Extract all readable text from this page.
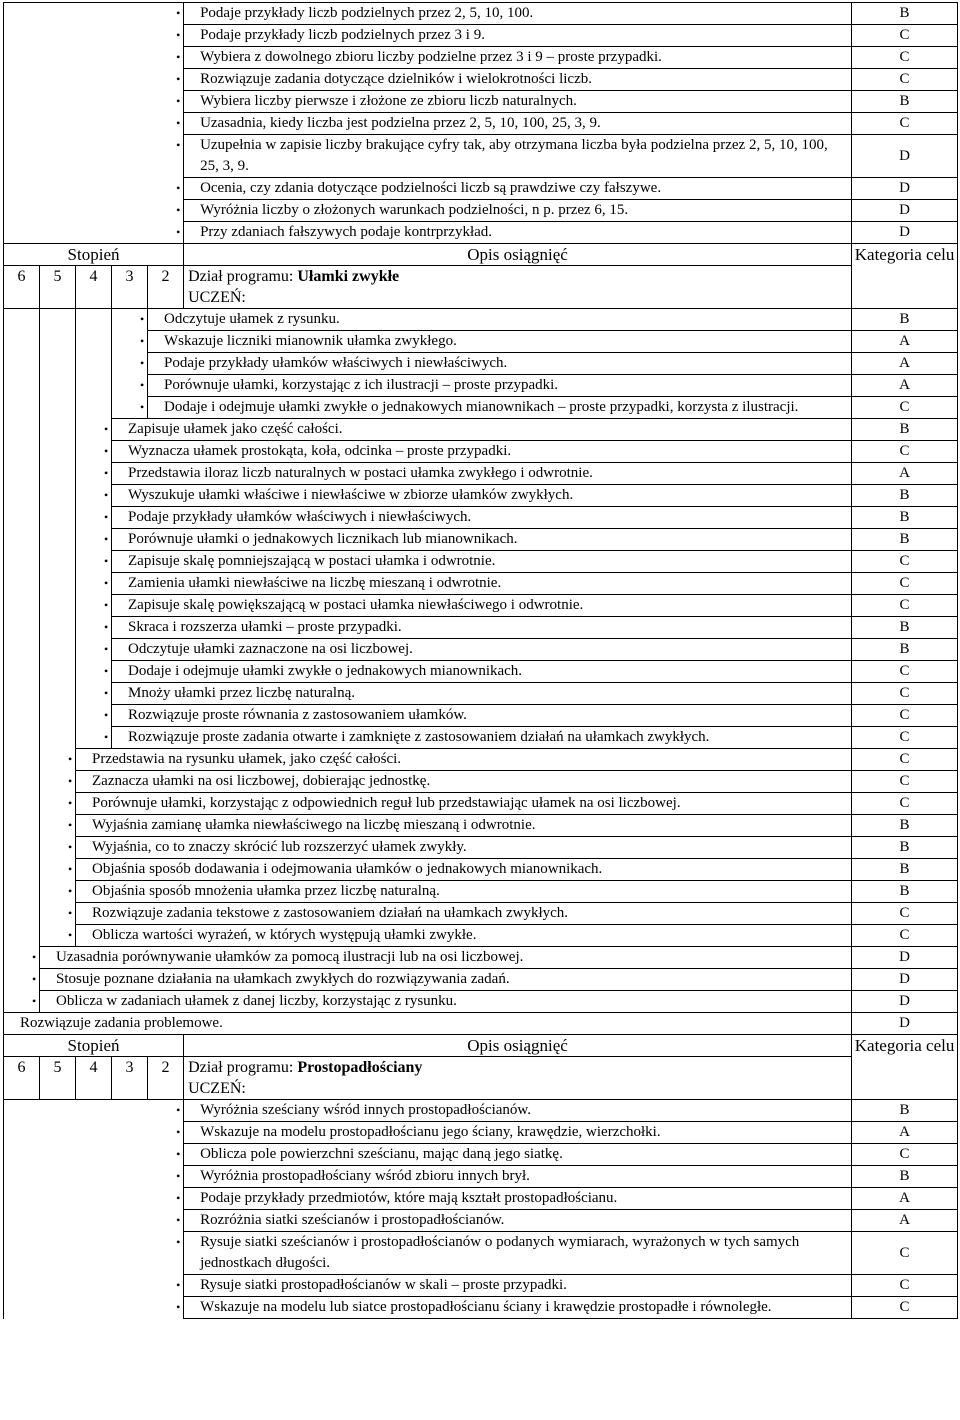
					• Podaje przykłady liczb podzielnych przez 2, 5, 10, 100.	B

					• Podaje przykłady liczb podzielnych przez 3 i 9.	C

					• Wybiera z dowolnego zbioru liczby podzielne przez 3 i 9 – proste przypadki.	C

					• Rozwiązuje zadania dotyczące dzielników i wielokrotności liczb.	C

					• Wybiera liczby pierwsze i złożone ze zbioru liczb naturalnych.	B

					• Uzasadnia, kiedy liczba jest podzielna przez 2, 5, 10, 100, 25, 3, 9.	C

					• Uzupełnia w zapisie liczby brakujące cyfry tak, aby otrzymana liczba była podzielna przez 2, 5, 10, 100, 25, 3, 9.	D

					• Ocenia, czy zdania dotyczące podzielności liczb są prawdziwe czy fałszywe.	D

					• Wyróżnia liczby o złożonych warunkach podzielności, n p. przez 6, 15.	D

					• Przy zdaniach fałszywych podaje kontrprzykład.	D
Stopień					Opis osiągnięć	Kategoria celu
6	5	4	3	2	Dział programu: Ułamki zwykłe
UCZEŃ:	

				• Odczytuje ułamek z rysunku.		B

				• Wskazuje liczniki mianownik ułamka zwykłego.		A

				• Podaje przykłady ułamków właściwych i niewłaściwych.		A

				• Porównuje ułamki, korzystając z ich ilustracji – proste przypadki.		A

				• Dodaje i odejmuje ułamki zwykłe o jednakowych mianownikach – proste przypadki, korzysta z ilustracji.		C

			• Zapisuje ułamek jako część całości.			B

			• Wyznacza ułamek prostokąta, koła, odcinka – proste przypadki.			C

			• Przedstawia iloraz liczb naturalnych w postaci ułamka zwykłego i odwrotnie.			A

			• Wyszukuje ułamki właściwe i niewłaściwe w zbiorze ułamków zwykłych.			B

			• Podaje przykłady ułamków właściwych i niewłaściwych.			B

			• Porównuje ułamki o jednakowych licznikach lub mianownikach.			B

			• Zapisuje skalę pomniejszającą w postaci ułamka i odwrotnie.			C

			• Zamienia ułamki niewłaściwe na liczbę mieszaną i odwrotnie.			C

			• Zapisuje skalę powiększającą w postaci ułamka niewłaściwego i odwrotnie.			C

			• Skraca i rozszerza ułamki – proste przypadki.			B

			• Odczytuje ułamki zaznaczone na osi liczbowej.			B

			• Dodaje i odejmuje ułamki zwykłe o jednakowych mianownikach.			C

			• Mnoży ułamki przez liczbę naturalną.			C

			• Rozwiązuje proste równania z zastosowaniem ułamków.			C

			• Rozwiązuje proste zadania otwarte i zamknięte z zastosowaniem działań na ułamkach zwykłych.			C

		• Przedstawia na rysunku ułamek, jako część całości.				C

		• Zaznacza ułamki na osi liczbowej, dobierając jednostkę.				C

		• Porównuje ułamki, korzystając z odpowiednich reguł lub przedstawiając ułamek na osi liczbowej.				C

		• Wyjaśnia zamianę ułamka niewłaściwego na liczbę mieszaną i odwrotnie.				B

		• Wyjaśnia, co to znaczy skrócić lub rozszerzyć ułamek zwykły.				B

		• Objaśnia sposób dodawania i odejmowania ułamków o jednakowych mianownikach.				B

		• Objaśnia sposób mnożenia ułamka przez liczbę naturalną.				B

		• Rozwiązuje zadania tekstowe z zastosowaniem działań na ułamkach zwykłych.				C

		• Oblicza wartości wyrażeń, w których występują ułamki zwykłe.				C

	• Uzasadnia porównywanie ułamków za pomocą ilustracji lub na osi liczbowej.					D

	• Stosuje poznane działania na ułamkach zwykłych do rozwiązywania zadań.					D

	• Oblicza w zadaniach ułamek z danej liczby, korzystając z rysunku.					D

• Rozwiązuje zadania problemowe.						D
Stopień					Opis osiągnięć	Kategoria celu
6	5	4	3	2	Dział programu: Prostopadłościany
UCZEŃ:	

					• Wyróżnia sześciany wśród innych prostopadłościanów.	B

					• Wskazuje na modelu prostopadłościanu jego ściany, krawędzie, wierzchołki.	A

					• Oblicza pole powierzchni sześcianu, mając daną jego siatkę.	C

					• Wyróżnia prostopadłościany wśród zbioru innych brył.	B

					• Podaje przykłady przedmiotów, które mają kształt prostopadłościanu.	A

					• Rozróżnia siatki sześcianów i prostopadłościanów.	A

					• Rysuje siatki sześcianów i prostopadłościanów o podanych wymiarach, wyrażonych w tych samych jednostkach długości.	C

					• Rysuje siatki prostopadłościanów w skali – proste przypadki.	C

					• Wskazuje na modelu lub siatce prostopadłościanu ściany i krawędzie prostopadłe i równoległe.	C
